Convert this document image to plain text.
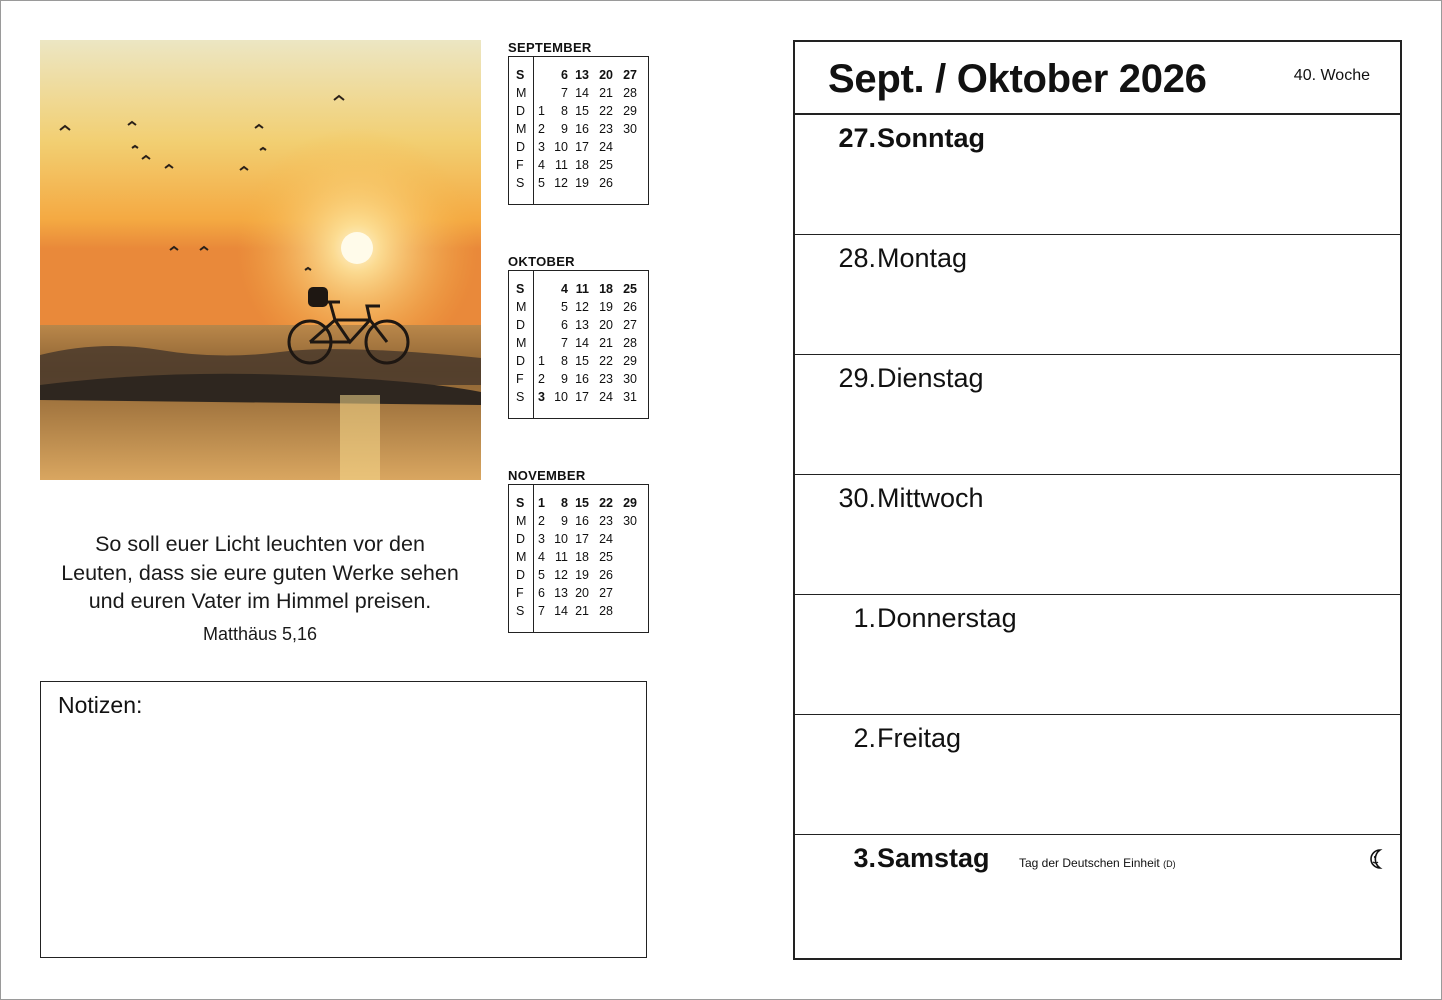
So soll euer Licht leuchten vor den
Leuten, dass sie eure guten Werke sehen
und euren Vater im Himmel preisen.
Matthäus 5,16
Notizen:
SEPTEMBER
S		6	13	20	27
M		7	14	21	28
D	1	8	15	22	29
M	2	9	16	23	30
D	3	10	17	24	
F	4	11	18	25	
S	5	12	19	26	
OKTOBER
S		4	11	18	25
M		5	12	19	26
D		6	13	20	27
M		7	14	21	28
D	1	8	15	22	29
F	2	9	16	23	30
S	3	10	17	24	31
NOVEMBER
S	1	8	15	22	29
M	2	9	16	23	30
D	3	10	17	24	
M	4	11	18	25	
D	5	12	19	26	
F	6	13	20	27	
S	7	14	21	28	
Sept. / Oktober 2026	40. Woche
27. Sonntag
28. Montag
29. Dienstag
30. Mittwoch
1. Donnerstag
2. Freitag
3. Samstag Tag der Deutschen Einheit (D)
